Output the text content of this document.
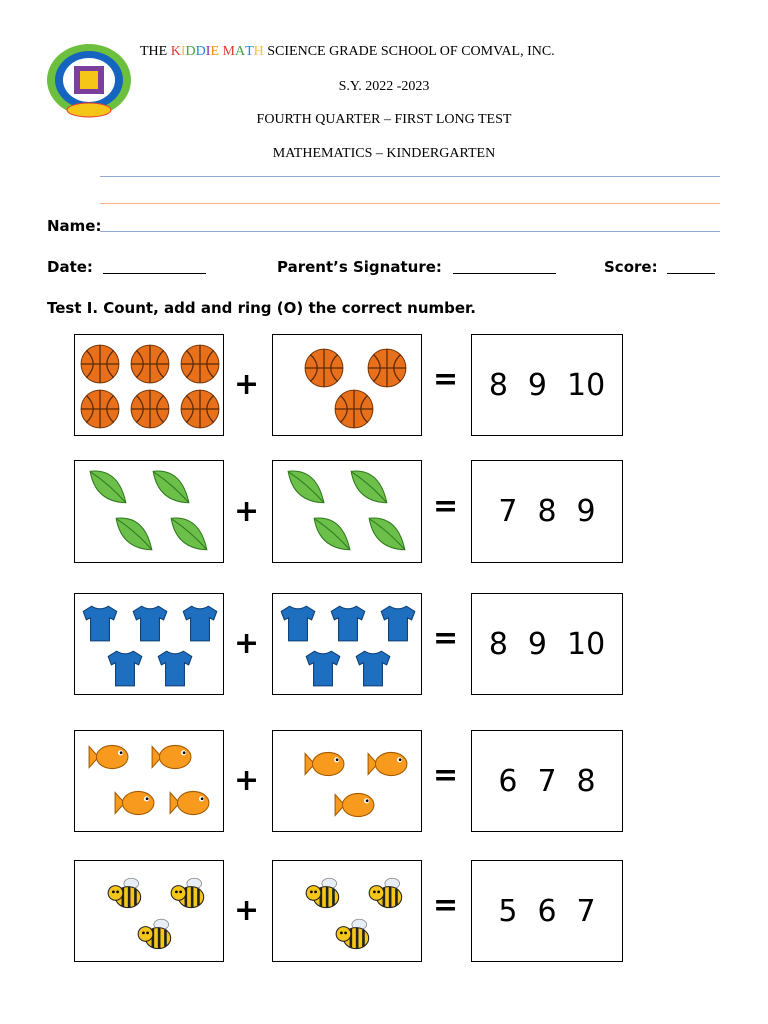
THE KIDDIE MATH SCIENCE GRADE SCHOOL OF COMVAL, INC.
S.Y. 2022 -2023
FOURTH QUARTER – FIRST LONG TEST
MATHEMATICS – KINDERGARTEN
Name:
Date:	Parent’s Signature:	Score:
Test I. Count, add and ring (O) the correct number.
+	= 8 9 10
+	= 7 8 9
+	= 8 9 10
+	= 6 7 8
+	= 5 6 7
